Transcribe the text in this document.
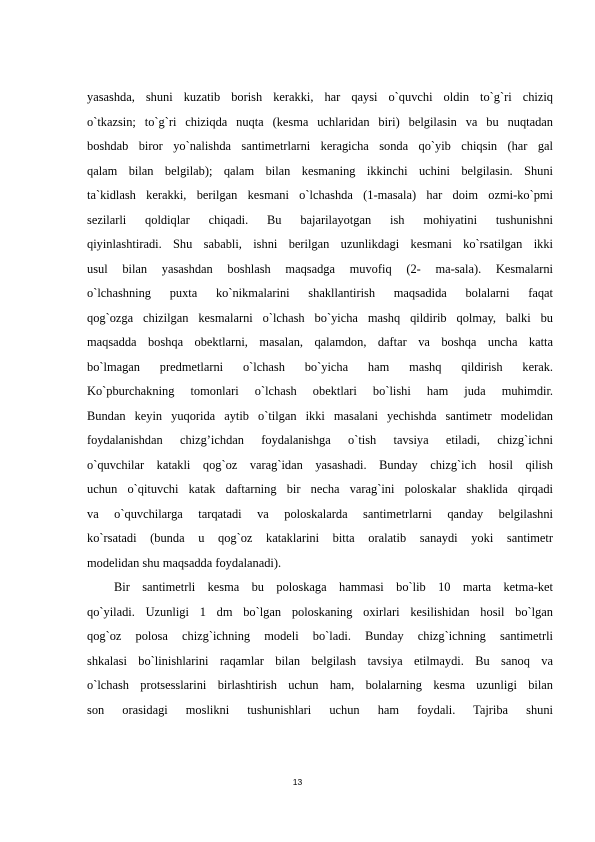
yasashda, shuni kuzatib borish kerakki, har qaysi o`quvchi oldin to`g`ri chiziq
o`tkazsin; to`g`ri chiziqda nuqta (kesma uchlaridan biri) belgilasin va bu nuqtadan
boshdab biror yo`nalishda santimetrlarni keragicha sonda qo`yib chiqsin (har gal
qalam bilan belgilab); qalam bilan kesmaning ikkinchi uchini belgilasin. Shuni
ta`kidlash kerakki, berilgan kesmani o`lchashda (1-masala) har doim ozmi-ko`pmi
sezilarli qoldiqlar chiqadi. Bu bajarilayotgan ish mohiyatini tushunishni
qiyinlashtiradi. Shu sababli, ishni berilgan uzunlikdagi kesmani ko`rsatilgan ikki
usul bilan yasashdan boshlash maqsadga muvofiq (2- ma-sala). Kesmalarni
o`lchashning puxta ko`nikmalarini shakllantirish maqsadida bolalarni faqat
qog`ozga chizilgan kesmalarni o`lchash bo`yicha mashq qildirib qolmay, balki bu
maqsadda boshqa obektlarni, masalan, qalamdon, daftar va boshqa uncha katta
bo`lmagan predmetlarni o`lchash bo`yicha ham mashq qildirish kerak.
Ko`pburchakning tomonlari o`lchash obektlari bo`lishi ham juda muhimdir.
Bundan keyin yuqorida aytib o`tilgan ikki masalani yechishda santimetr modelidan
foydalanishdan chizg’ichdan foydalanishga o`tish tavsiya etiladi, chizg`ichni
o`quvchilar katakli qog`oz varag`idan yasashadi. Bunday chizg`ich hosil qilish
uchun o`qituvchi katak daftarning bir necha varag`ini poloskalar shaklida qirqadi
va o`quvchilarga tarqatadi va poloskalarda santimetrlarni qanday belgilashni
ko`rsatadi (bunda u qog`oz kataklarini bitta oralatib sanaydi yoki santimetr
modelidan shu maqsadda foydalanadi).
Bir santimetrli kesma bu poloskaga hammasi bo`lib 10 marta ketma-ket
qo`yiladi. Uzunligi 1 dm bo`lgan poloskaning oxirlari kesilishidan hosil bo`lgan
qog`oz polosa chizg`ichning modeli bo`ladi. Bunday chizg`ichning santimetrli
shkalasi bo`linishlarini raqamlar bilan belgilash tavsiya etilmaydi. Bu sanoq va
o`lchash protsesslarini birlashtirish uchun ham, bolalarning kesma uzunligi bilan
son orasidagi moslikni tushunishlari uchun ham foydali. Tajriba shuni
13
